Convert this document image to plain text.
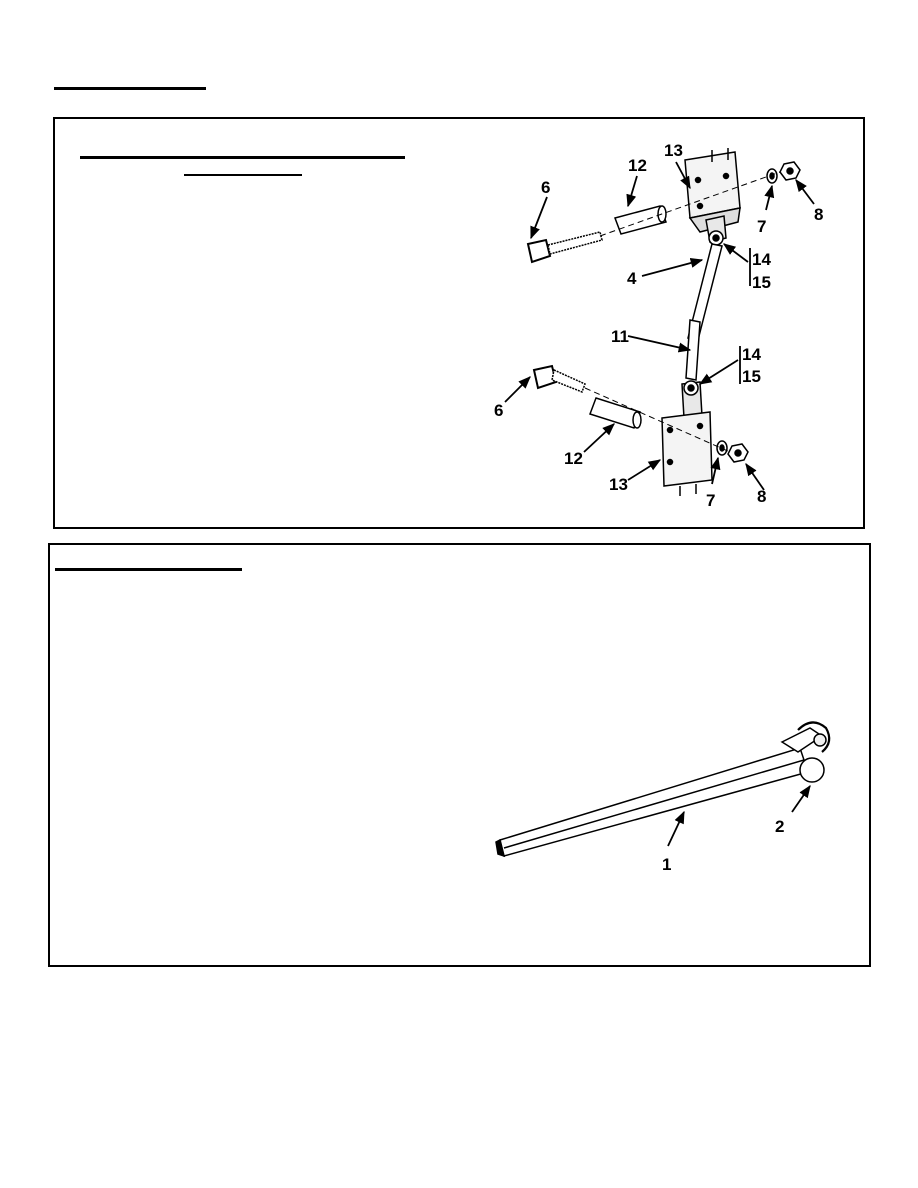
6
12
13
7
8
4
14
15
11
14
15
6
12
13
7 8
1
2
